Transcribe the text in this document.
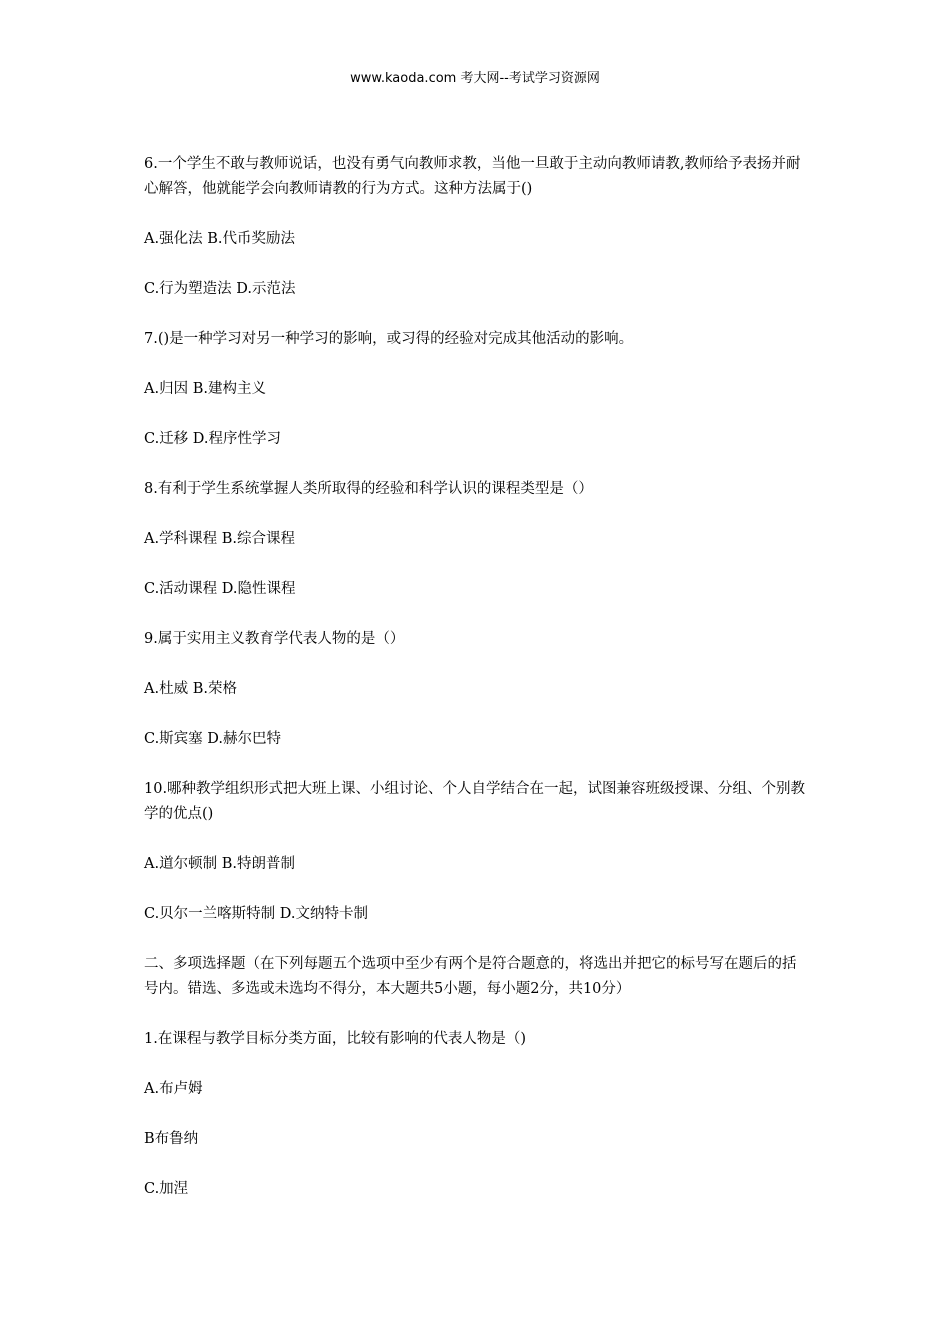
www.kaoda.com 考大网--考试学习资源网

6.一个学生不敢与教师说话，也没有勇气向教师求教，当他一旦敢于主动向教师请教,教师给予表扬并耐心解答，他就能学会向教师请教的行为方式。这种方法属于()

A.强化法 B.代币奖励法

C.行为塑造法 D.示范法

7.()是一种学习对另一种学习的影响，或习得的经验对完成其他活动的影响。

A.归因 B.建构主义

C.迁移 D.程序性学习

8.有利于学生系统掌握人类所取得的经验和科学认识的课程类型是（）

A.学科课程 B.综合课程

C.活动课程 D.隐性课程

9.属于实用主义教育学代表人物的是（）

A.杜威 B.荣格

C.斯宾塞 D.赫尔巴特

10.哪种教学组织形式把大班上课、小组讨论、个人自学结合在一起，试图兼容班级授课、分组、个别教学的优点()

A.道尔顿制 B.特朗普制

C.贝尔一兰喀斯特制 D.文纳特卡制

二、多项选择题（在下列每题五个选项中至少有两个是符合题意的，将选出并把它的标号写在题后的括号内。错选、多选或未选均不得分，本大题共5小题，每小题2分，共10分）

1.在课程与教学目标分类方面，比较有影响的代表人物是（)

A.布卢姆

B布鲁纳

C.加涅
